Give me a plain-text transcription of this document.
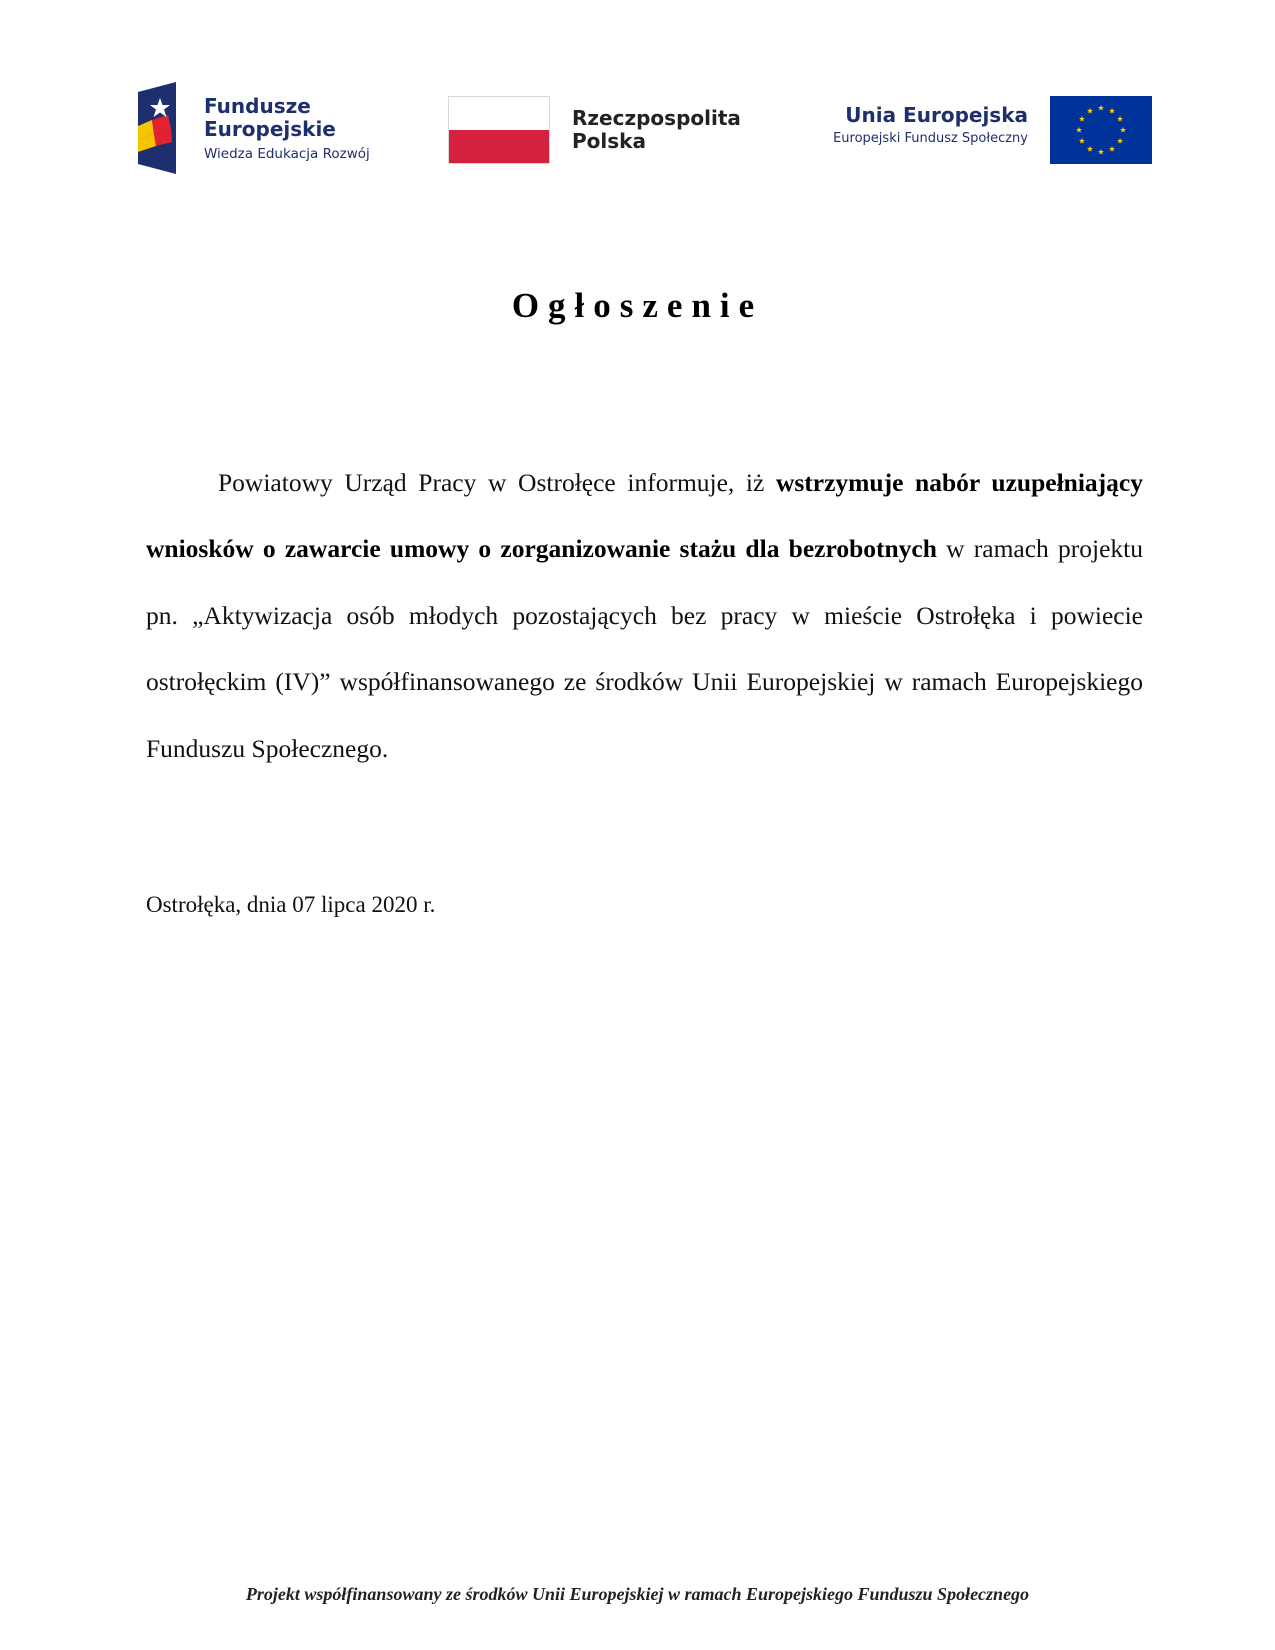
Fundusze
Europejskie
Wiedza Edukacja Rozwój
Rzeczpospolita
Polska
Unia Europejska
Europejski Fundusz Społeczny
Ogłoszenie

Powiatowy Urząd Pracy w Ostrołęce informuje, iż wstrzymuje nabór uzupełniający wniosków o zawarcie umowy o zorganizowanie stażu dla bezrobotnych w ramach projektu pn. „Aktywizacja osób młodych pozostających bez pracy w mieście Ostrołęka i powiecie ostrołęckim (IV)” współfinansowanego ze środków Unii Europejskiej w ramach Europejskiego Funduszu Społecznego.

Ostrołęka, dnia 07 lipca 2020 r.
Projekt współfinansowany ze środków Unii Europejskiej w ramach Europejskiego Funduszu Społecznego
